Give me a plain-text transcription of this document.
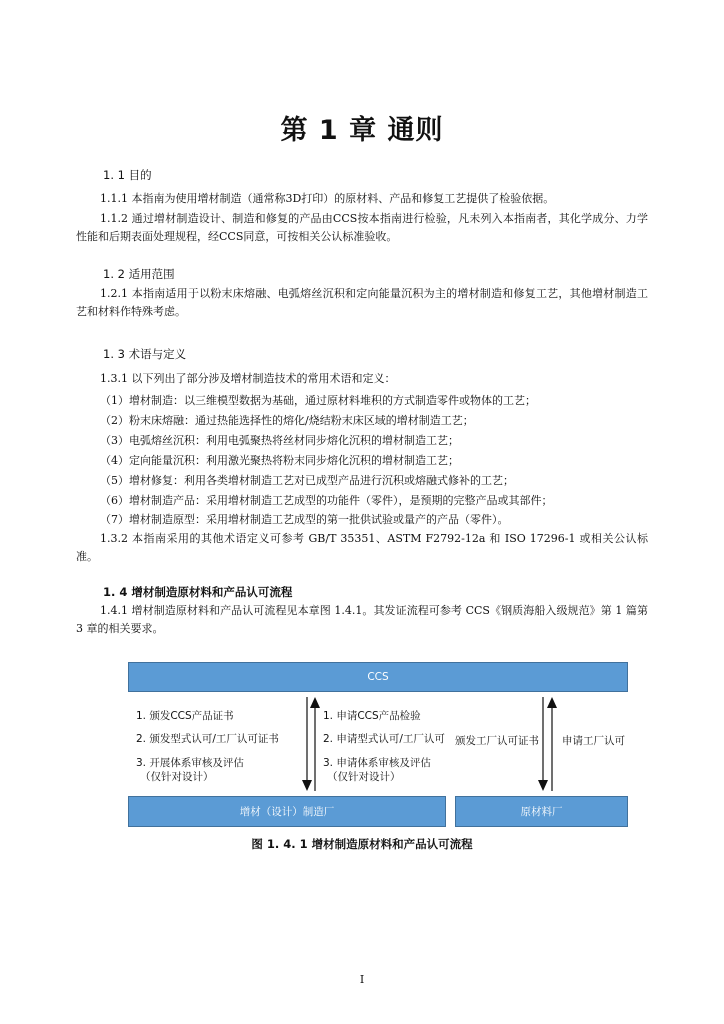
第 1 章 通则
1. 1 目的
1.1.1 本指南为使用增材制造（通常称3D打印）的原材料、产品和修复工艺提供了检验依据。
1.1.2 通过增材制造设计、制造和修复的产品由CCS按本指南进行检验，凡未列入本指南者，其化学成分、力学性能和后期表面处理规程，经CCS同意，可按相关公认标准验收。
1. 2 适用范围
1.2.1 本指南适用于以粉末床熔融、电弧熔丝沉积和定向能量沉积为主的增材制造和修复工艺，其他增材制造工艺和材料作特殊考虑。
1. 3 术语与定义
1.3.1 以下列出了部分涉及增材制造技术的常用术语和定义：
（1）增材制造：以三维模型数据为基础，通过原材料堆积的方式制造零件或物体的工艺；
（2）粉末床熔融：通过热能选择性的熔化/烧结粉末床区域的增材制造工艺；
（3）电弧熔丝沉积：利用电弧聚热将丝材同步熔化沉积的增材制造工艺；
（4）定向能量沉积：利用激光聚热将粉末同步熔化沉积的增材制造工艺；
（5）增材修复：利用各类增材制造工艺对已成型产品进行沉积或熔融式修补的工艺；
（6）增材制造产品：采用增材制造工艺成型的功能件（零件），是预期的完整产品或其部件；
（7）增材制造原型：采用增材制造工艺成型的第一批供试验或量产的产品（零件）。
1.3.2 本指南采用的其他术语定义可参考 GB/T 35351、ASTM F2792-12a 和 ISO 17296-1 或相关公认标准。
1. 4 增材制造原材料和产品认可流程
1.4.1 增材制造原材料和产品认可流程见本章图 1.4.1。其发证流程可参考 CCS《钢质海船入级规范》第 1 篇第 3 章的相关要求。
CCS
1. 颁发CCS产品证书
2. 颁发型式认可/工厂认可证书
3. 开展体系审核及评估
（仅针对设计）
1. 申请CCS产品检验
2. 申请型式认可/工厂认可
3. 申请体系审核及评估
（仅针对设计）
颁发工厂认可证书 申请工厂认可
增材（设计）制造厂	原材料厂
图 1. 4. 1 增材制造原材料和产品认可流程
I
